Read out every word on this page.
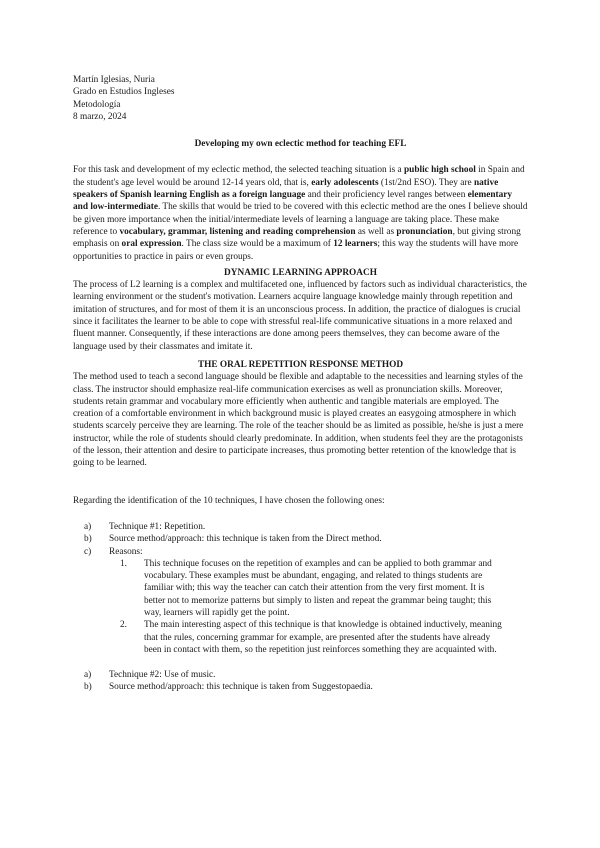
Martín Iglesias, Nuria

Grado en Estudios Ingleses

Metodología

8 marzo, 2024

Developing my own eclectic method for teaching EFL

For this task and development of my eclectic method, the selected teaching situation is a public high school in Spain and the student's age level would be around 12-14 years old, that is, early adolescents (1st/2nd ESO). They are native speakers of Spanish learning English as a foreign language and their proficiency level ranges between elementary and low-intermediate. The skills that would be tried to be covered with this eclectic method are the ones I believe should be given more importance when the initial/intermediate levels of learning a language are taking place. These make reference to vocabulary, grammar, listening and reading comprehension as well as pronunciation, but giving strong emphasis on oral expression. The class size would be a maximum of 12 learners; this way the students will have more opportunities to practice in pairs or even groups.

DYNAMIC LEARNING APPROACH

The process of L2 learning is a complex and multifaceted one, influenced by factors such as individual characteristics, the learning environment or the student's motivation. Learners acquire language knowledge mainly through repetition and imitation of structures, and for most of them it is an unconscious process. In addition, the practice of dialogues is crucial since it facilitates the learner to be able to cope with stressful real-life communicative situations in a more relaxed and fluent manner. Consequently, if these interactions are done among peers themselves, they can become aware of the language used by their classmates and imitate it.

THE ORAL REPETITION RESPONSE METHOD

The method used to teach a second language should be flexible and adaptable to the necessities and learning styles of the class. The instructor should emphasize real-life communication exercises as well as pronunciation skills. Moreover, students retain grammar and vocabulary more efficiently when authentic and tangible materials are employed. The creation of a comfortable environment in which background music is played creates an easygoing atmosphere in which students scarcely perceive they are learning. The role of the teacher should be as limited as possible, he/she is just a mere instructor, while the role of students should clearly predominate. In addition, when students feel they are the protagonists of the lesson, their attention and desire to participate increases, thus promoting better retention of the knowledge that is going to be learned.

Regarding the identification of the 10 techniques, I have chosen the following ones:

a) Technique #1: Repetition.
b) Source method/approach: this technique is taken from the Direct method.
c) Reasons:
1. This technique focuses on the repetition of examples and can be applied to both grammar and vocabulary. These examples must be abundant, engaging, and related to things students are familiar with; this way the teacher can catch their attention from the very first moment. It is better not to memorize patterns but simply to listen and repeat the grammar being taught; this way, learners will rapidly get the point.
2. The main interesting aspect of this technique is that knowledge is obtained inductively, meaning that the rules, concerning grammar for example, are presented after the students have already been in contact with them, so the repetition just reinforces something they are acquainted with.
a) Technique #2: Use of music.
b) Source method/approach: this technique is taken from Suggestopaedia.
